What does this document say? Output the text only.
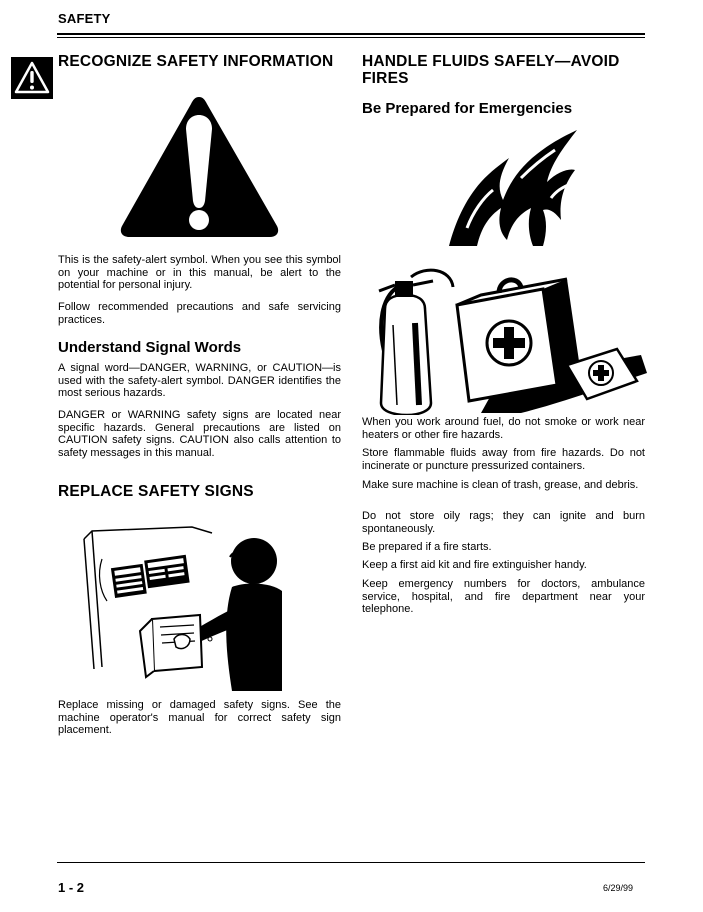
SAFETY
RECOGNIZE SAFETY INFORMATION

This is the safety-alert symbol. When you see this symbol on your machine or in this manual, be alert to the potential for personal injury.

Follow recommended precautions and safe servicing practices.

Understand Signal Words

A signal word—DANGER, WARNING, or CAUTION—is used with the safety-alert symbol. DANGER identifies the most serious hazards.

DANGER or WARNING safety signs are located near specific hazards. General precautions are listed on CAUTION safety signs. CAUTION also calls attention to safety messages in this manual.

REPLACE SAFETY SIGNS

Replace missing or damaged safety signs. See the machine operator's manual for correct safety sign placement.

HANDLE FLUIDS SAFELY—AVOID FIRES
Be Prepared for Emergencies

When you work around fuel, do not smoke or work near heaters or other fire hazards.

Store flammable fluids away from fire hazards. Do not incinerate or puncture pressurized containers.

Make sure machine is clean of trash, grease, and debris.

Do not store oily rags; they can ignite and burn spontaneously.

Be prepared if a fire starts.

Keep a first aid kit and fire extinguisher handy.

Keep emergency numbers for doctors, ambulance service, hospital, and fire department near your telephone.

1 - 2	6/29/99
